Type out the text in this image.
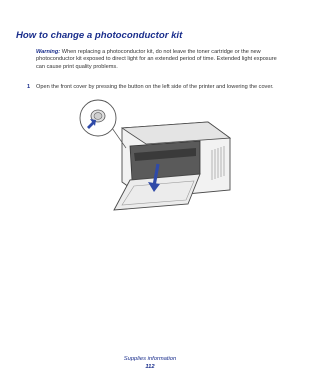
How to change a photoconductor kit
Warning: When replacing a photoconductor kit, do not leave the toner cartridge or the new photoconductor kit exposed to direct light for an extended period of time. Extended light exposure can cause print quality problems.
1 Open the front cover by pressing the button on the left side of the printer and lowering the cover.
Supplies information
112
